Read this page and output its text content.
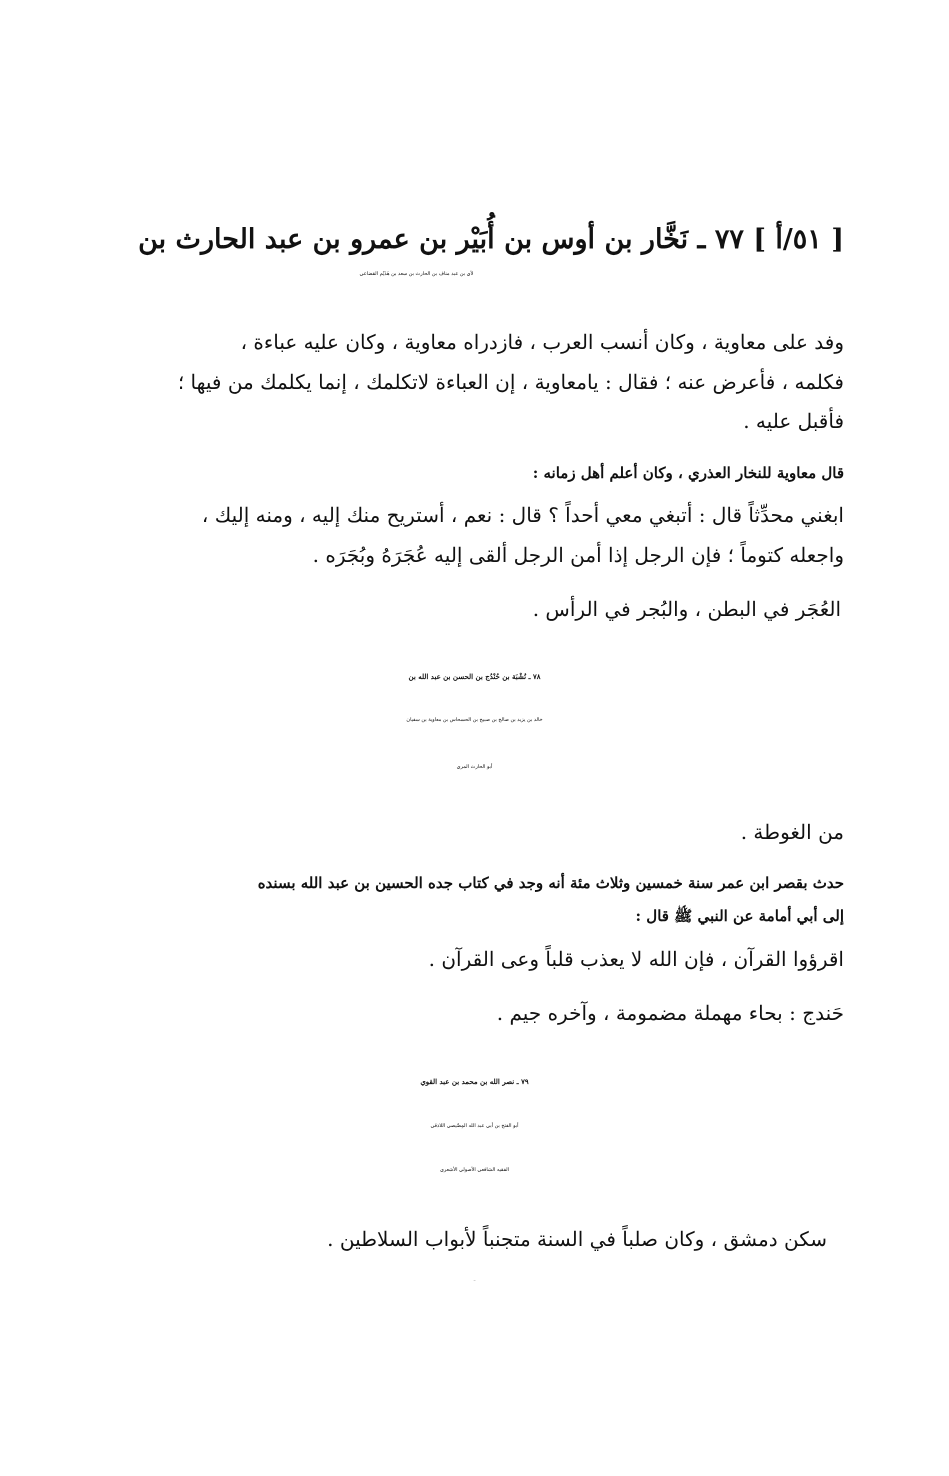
[ ٥١/أ ] ٧٧ ـ نَخَّار بن أوس بن أُبَيْر بن عمرو بن عبد الحارث بن
لأي بن عبد مناف بن الحارث بن سعد بن هَذَيْم القضاعي
وفد على معاوية ، وكان أنسب العرب ، فازدراه معاوية ، وكان عليه عباءة ،
فكلمه ، فأعرض عنه ؛ فقال : يامعاوية ، إن العباءة لاتكلمك ، إنما يكلمك من فيها ؛
فأقبل عليه .
قال معاوية للنخار العذري ، وكان أعلم أهل زمانه :
ابغني محدِّثاً قال : أتبغي معي أحداً ؟ قال : نعم ، أستريح منك إليه ، ومنه إليك ،
واجعله كتوماً ؛ فإن الرجل إذا أمن الرجل ألقى إليه عُجَرَهُ وبُجَرَه .
العُجَر في البطن ، والبُجر في الرأس .
٧٨ ـ نُشْبَة بن حُنْدُج بن الحسن بن عبد الله بن
خالد بن يزيد بن صالح بن صبيح بن الحسحاس بن معاوية بن سفيان
أبو الحارث المري
من الغوطة .
حدث بقصر ابن عمر سنة خمسين وثلاث مئة أنه وجد في كتاب جده الحسين بن عبد الله بسنده
إلى أبي أمامة عن النبي ﷺ قال :
اقرؤوا القرآن ، فإن الله لا يعذب قلباً وعى القرآن .
حَندج : بحاء مهملة مضمومة ، وآخره جيم .
٧٩ ـ نصر الله بن محمد بن عبد القوي
أبو الفتح بن أبي عبد الله المِصِّيصي اللاذقي
الفقيه الشافعي الأصولي الأشعري
سكن دمشق ، وكان صلباً في السنة متجنباً لأبواب السلاطين .
ـ ١٢٣ ـ
